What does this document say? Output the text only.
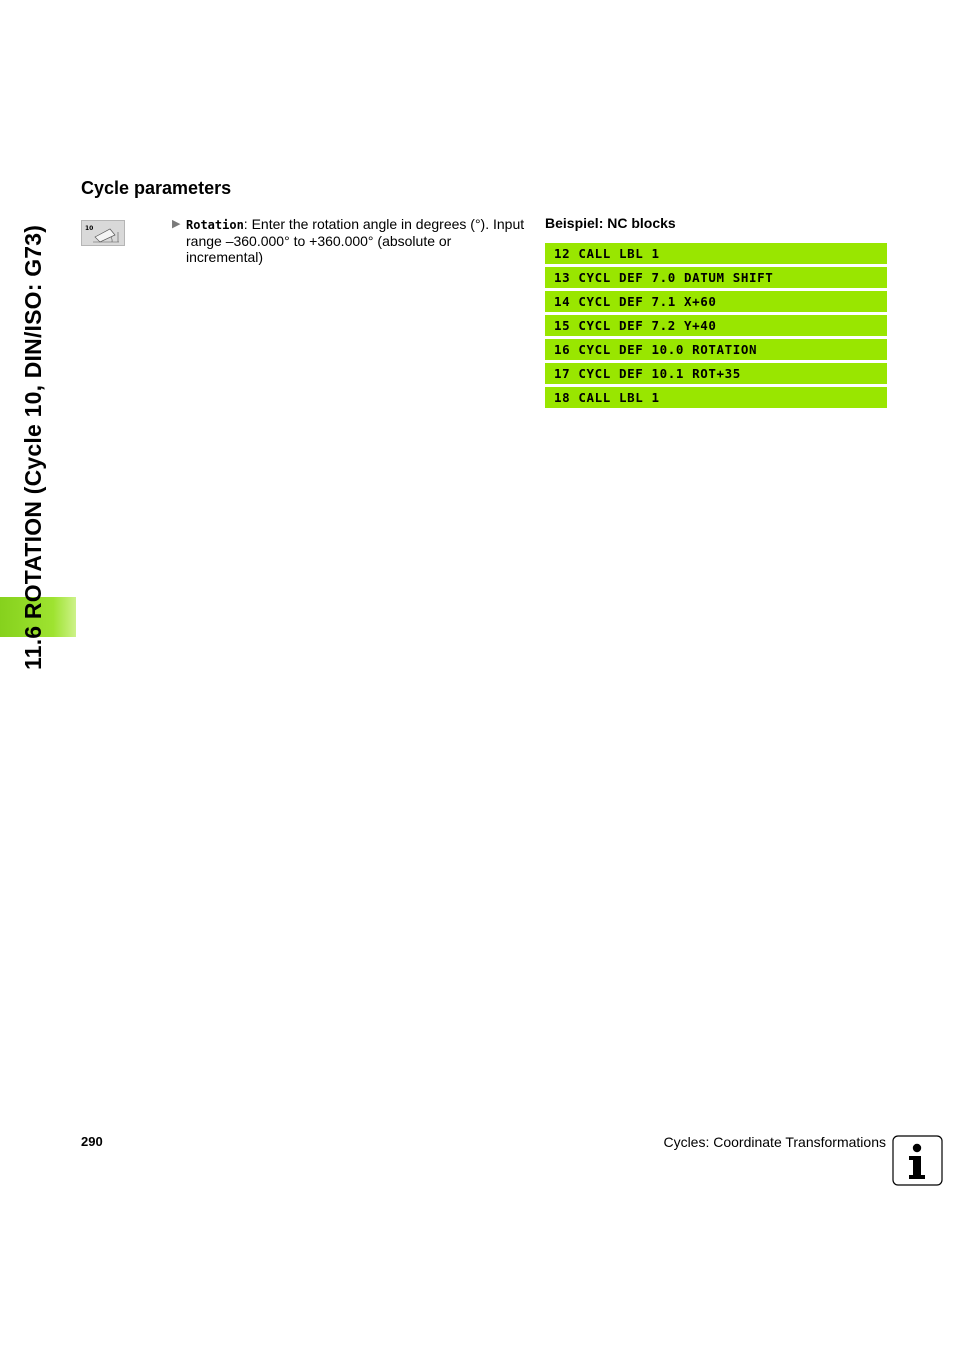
11.6 ROTATION (Cycle 10, DIN/ISO: G73)
Cycle parameters
10	▶ Rotation: Enter the rotation angle in degrees (°). Input range –360.000° to +360.000° (absolute or incremental)
Beispiel: NC blocks
12 CALL LBL 1
13 CYCL DEF 7.0 DATUM SHIFT
14 CYCL DEF 7.1 X+60
15 CYCL DEF 7.2 Y+40
16 CYCL DEF 10.0 ROTATION
17 CYCL DEF 10.1 ROT+35
18 CALL LBL 1
290	Cycles: Coordinate Transformations
